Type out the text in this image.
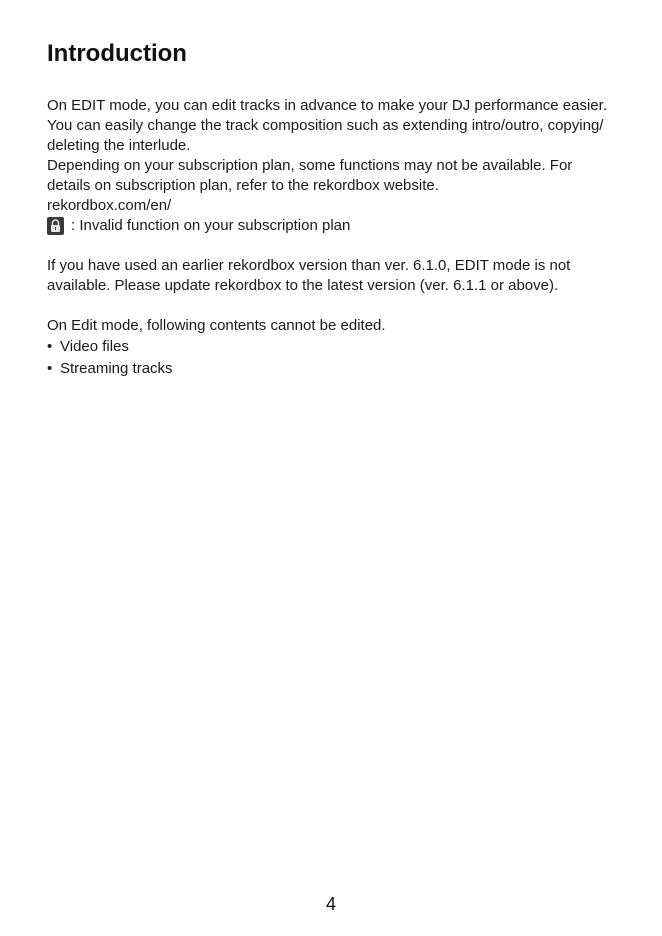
Introduction
On EDIT mode, you can edit tracks in advance to make your DJ performance easier.
You can easily change the track composition such as extending intro/outro, copying/
deleting the interlude.
Depending on your subscription plan, some functions may not be available. For
details on subscription plan, refer to the rekordbox website.
rekordbox.com/en/
: Invalid function on your subscription plan
If you have used an earlier rekordbox version than ver. 6.1.0, EDIT mode is not
available. Please update rekordbox to the latest version (ver. 6.1.1 or above).
On Edit mode, following contents cannot be edited.
• Video files
• Streaming tracks
4
